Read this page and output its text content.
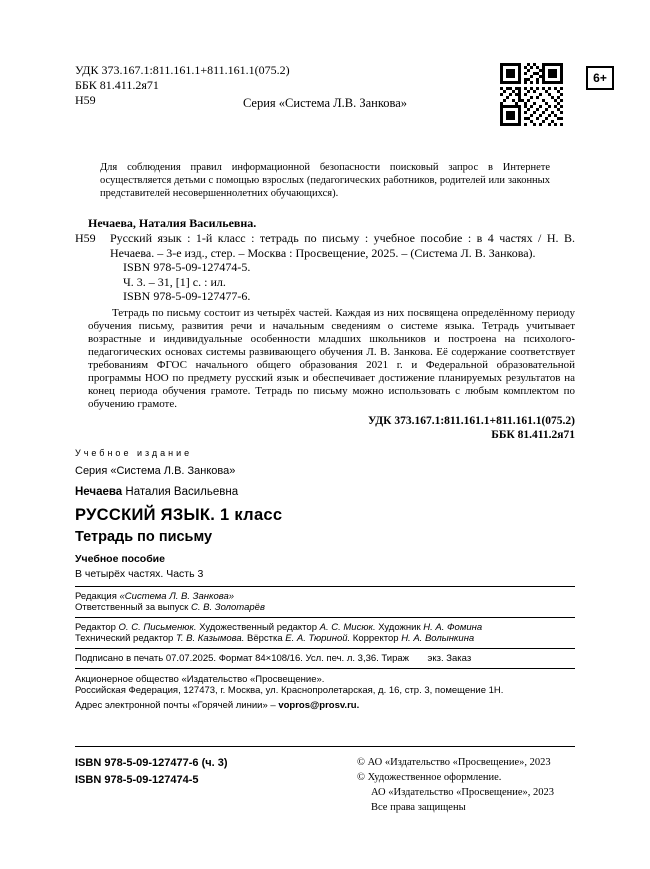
УДК 373.167.1:811.161.1+811.161.1(075.2)

ББК 81.411.2я71

Н59	Серия «Система Л.В. Занкова»

6+

Для соблюдения правил информационной безопасности поисковый запрос в Интернете осуществляется детьми с помощью взрослых (педагогических работников, родителей или законных представителей несовершеннолетних обучающихся).

Нечаева, Наталия Васильевна.

Н59 Русский язык : 1-й класс : тетрадь по письму : учебное пособие : в 4 частях / Н. В. Нечаева. – 3-е изд., стер. – Москва : Просвещение, 2025. – (Система Л. В. Занкова).

ISBN 978-5-09-127474-5.

Ч. 3. – 31, [1] с. : ил.

ISBN 978-5-09-127477-6.

Тетрадь по письму состоит из четырёх частей. Каждая из них посвящена определённому периоду обучения письму, развития речи и начальным сведениям о системе языка. Тетрадь учитывает возрастные и индивидуальные особенности младших школьников и построена на психолого-педагогических основах системы развивающего обучения Л. В. Занкова. Её содержание соответствует требованиям ФГОС начального общего образования 2021 г. и Федеральной образовательной программы НОО по предмету русский язык и обеспечивает достижение планируемых результатов на конец периода обучения грамоте. Тетрадь по письму можно использовать с любым комплектом по обучению грамоте.

УДК 373.167.1:811.161.1+811.161.1(075.2)

ББК 81.411.2я71

Учебное издание

Серия «Система Л.В. Занкова»

Нечаева Наталия Васильевна

РУССКИЙ ЯЗЫК. 1 класс

Тетрадь по письму

Учебное пособие

В четырёх частях. Часть 3

Редакция «Система Л. В. Занкова»

Ответственный за выпуск С. В. Золотарёв

Редактор О. С. Письменюк. Художественный редактор А. С. Мисюк. Художник Н. А. Фомина

Технический редактор Т. В. Казымова. Вёрстка Е. А. Тюриной. Корректор Н. А. Волынкина

Подписано в печать 07.07.2025. Формат 84×108/16. Усл. печ. л. 3,36. Тираж       экз. Заказ

Акционерное общество «Издательство «Просвещение».

Российская Федерация, 127473, г. Москва, ул. Краснопролетарская, д. 16, стр. 3, помещение 1Н.

Адрес электронной почты «Горячей линии» – vopros@prosv.ru.

ISBN 978-5-09-127477-6 (ч. 3)

ISBN 978-5-09-127474-5

© АО «Издательство «Просвещение», 2023

© Художественное оформление.

АО «Издательство «Просвещение», 2023

Все права защищены
